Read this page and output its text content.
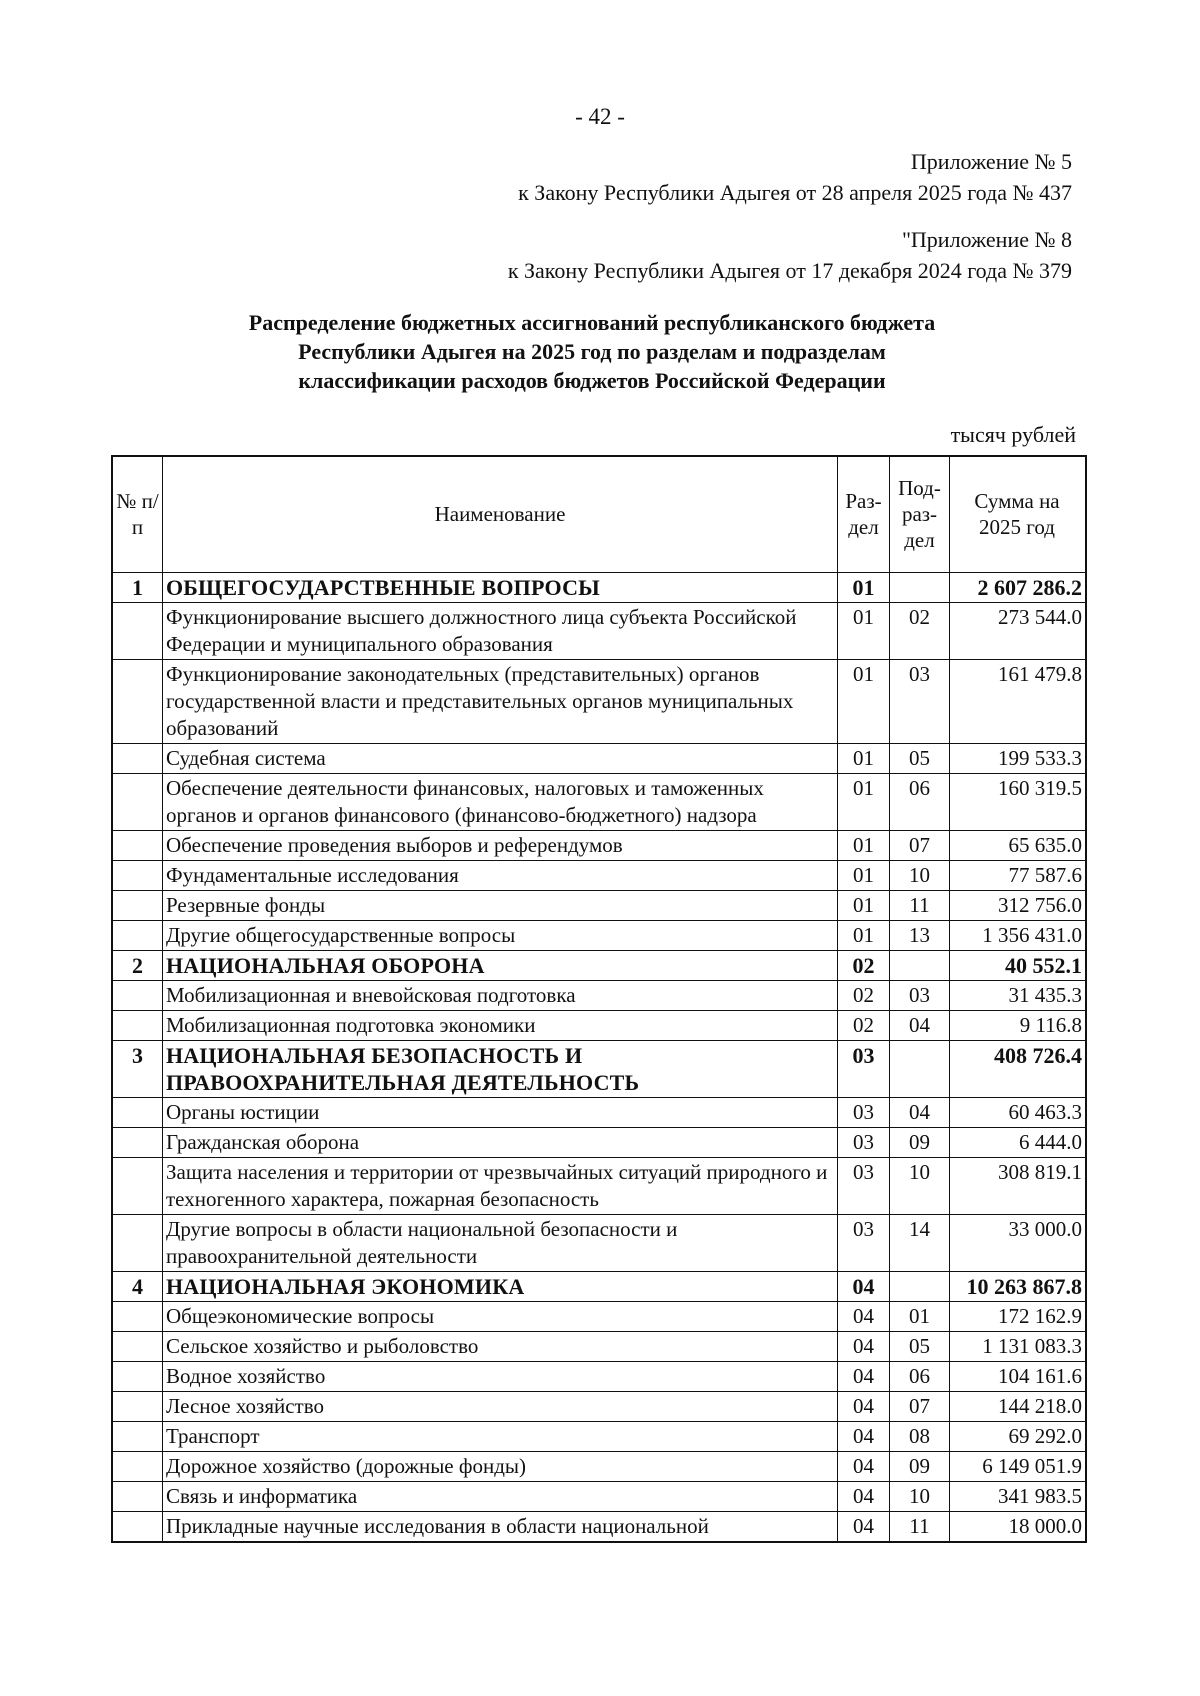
- 42 -
Приложение № 5
к Закону Республики Адыгея от 28 апреля 2025 года № 437
"Приложение № 8
к Закону Республики Адыгея от 17 декабря 2024 года № 379
Распределение бюджетных ассигнований республиканского бюджета
Республики Адыгея на 2025 год по разделам и подразделам
классификации расходов бюджетов Российской Федерации
тысяч рублей
№ п/п	Наименование	Раз-дел	Под-раз-дел	Сумма на 2025 год
1	ОБЩЕГОСУДАРСТВЕННЫЕ ВОПРОСЫ	01		2 607 286.2
	Функционирование высшего должностного лица субъекта Российской Федерации и муниципального образования	01	02	273 544.0
	Функционирование законодательных (представительных) органов государственной власти и представительных органов муниципальных образований	01	03	161 479.8
	Судебная система	01	05	199 533.3
	Обеспечение деятельности финансовых, налоговых и таможенных органов и органов финансового (финансово-бюджетного) надзора	01	06	160 319.5
	Обеспечение проведения выборов и референдумов	01	07	65 635.0
	Фундаментальные исследования	01	10	77 587.6
	Резервные фонды	01	11	312 756.0
	Другие общегосударственные вопросы	01	13	1 356 431.0
2	НАЦИОНАЛЬНАЯ ОБОРОНА	02		40 552.1
	Мобилизационная и вневойсковая подготовка	02	03	31 435.3
	Мобилизационная подготовка экономики	02	04	9 116.8
3	НАЦИОНАЛЬНАЯ БЕЗОПАСНОСТЬ И ПРАВООХРАНИТЕЛЬНАЯ ДЕЯТЕЛЬНОСТЬ	03		408 726.4
	Органы юстиции	03	04	60 463.3
	Гражданская оборона	03	09	6 444.0
	Защита населения и территории от чрезвычайных ситуаций природного и техногенного характера, пожарная безопасность	03	10	308 819.1
	Другие вопросы в области национальной безопасности и правоохранительной деятельности	03	14	33 000.0
4	НАЦИОНАЛЬНАЯ ЭКОНОМИКА	04		10 263 867.8
	Общеэкономические вопросы	04	01	172 162.9
	Сельское хозяйство и рыболовство	04	05	1 131 083.3
	Водное хозяйство	04	06	104 161.6
	Лесное хозяйство	04	07	144 218.0
	Транспорт	04	08	69 292.0
	Дорожное хозяйство (дорожные фонды)	04	09	6 149 051.9
	Связь и информатика	04	10	341 983.5
	Прикладные научные исследования в области национальной	04	11	18 000.0
